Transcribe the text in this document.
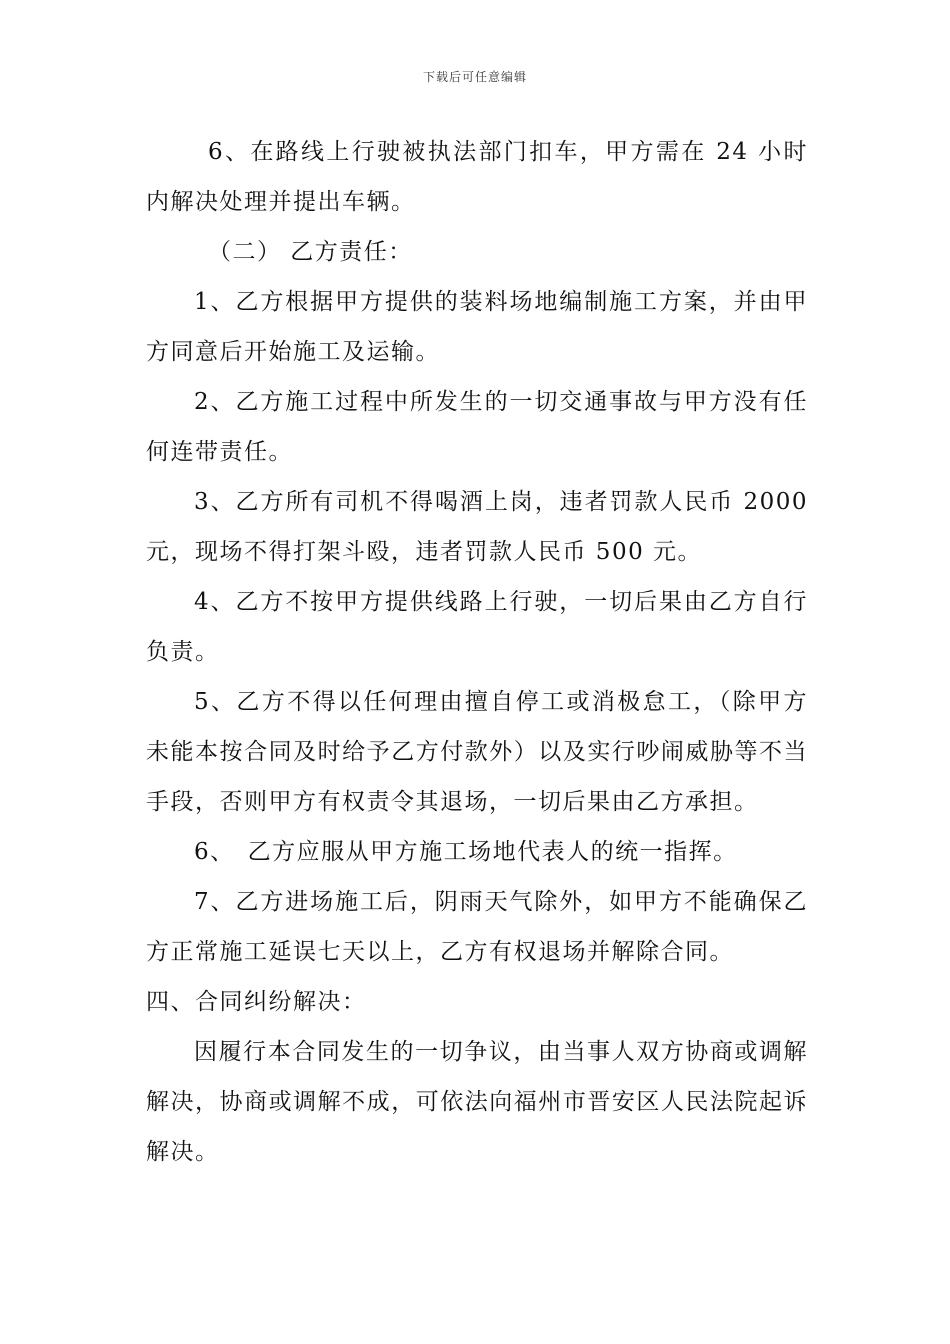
下载后可任意编辑

6、在路线上行驶被执法部门扣车，甲方需在 24 小时内解决处理并提出车辆。

（二） 乙方责任：

1、乙方根据甲方提供的装料场地编制施工方案，并由甲方同意后开始施工及运输。

2、乙方施工过程中所发生的一切交通事故与甲方没有任何连带责任。

3、乙方所有司机不得喝酒上岗，违者罚款人民币 2000 元，现场不得打架斗殴，违者罚款人民币 500 元。

4、乙方不按甲方提供线路上行驶，一切后果由乙方自行负责。

5、乙方不得以任何理由擅自停工或消极怠工，（除甲方未能本按合同及时给予乙方付款外）以及实行吵闹威胁等不当手段，否则甲方有权责令其退场，一切后果由乙方承担。

6、　乙方应服从甲方施工场地代表人的统一指挥。

7、乙方进场施工后，阴雨天气除外，如甲方不能确保乙方正常施工延误七天以上，乙方有权退场并解除合同。

四、合同纠纷解决：

因履行本合同发生的一切争议，由当事人双方协商或调解解决，协商或调解不成，可依法向福州市晋安区人民法院起诉解决。
